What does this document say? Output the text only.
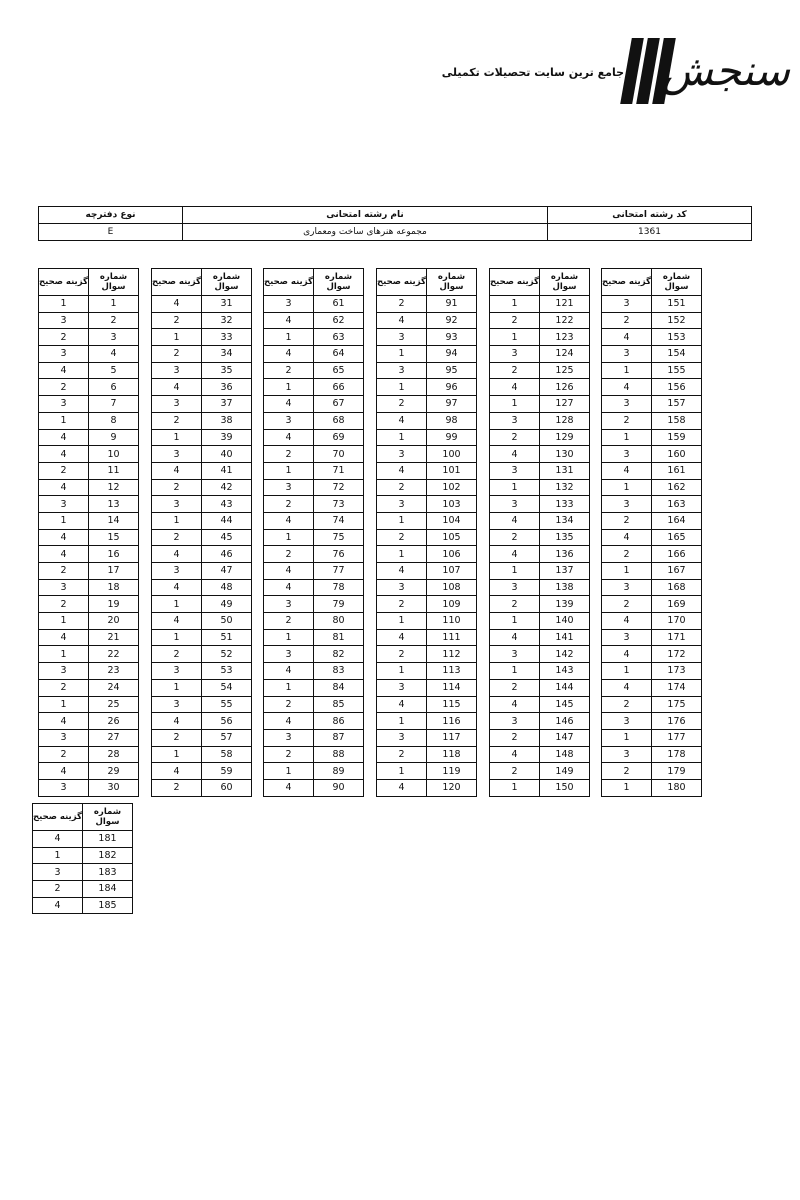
جامع ترین سایت تحصیلات تکمیلی سنجش
کد رشته امتحانی	نام رشته امتحانی	نوع دفترچه
1361	مجموعه هنرهای ساخت ومعماری	E
شماره سوال	گزینه صحیح
1	1
2	3
3	2
4	3
5	4
6	2
7	3
8	1
9	4
10	4
11	2
12	4
13	3
14	1
15	4
16	4
17	2
18	3
19	2
20	1
21	4
22	1
23	3
24	2
25	1
26	4
27	3
28	2
29	4
30	3
شماره سوال	گزینه صحیح
31	4
32	2
33	1
34	2
35	3
36	4
37	3
38	2
39	1
40	3
41	4
42	2
43	3
44	1
45	2
46	4
47	3
48	4
49	1
50	4
51	1
52	2
53	3
54	1
55	3
56	4
57	2
58	1
59	4
60	2
شماره سوال	گزینه صحیح
61	3
62	4
63	1
64	4
65	2
66	1
67	4
68	3
69	4
70	2
71	1
72	3
73	2
74	4
75	1
76	2
77	4
78	4
79	3
80	2
81	1
82	3
83	4
84	1
85	2
86	4
87	3
88	2
89	1
90	4
شماره سوال	گزینه صحیح
91	2
92	4
93	3
94	1
95	3
96	1
97	2
98	4
99	1
100	3
101	4
102	2
103	3
104	1
105	2
106	1
107	4
108	3
109	2
110	1
111	4
112	2
113	1
114	3
115	4
116	1
117	3
118	2
119	1
120	4
شماره سوال	گزینه صحیح
121	1
122	2
123	1
124	3
125	2
126	4
127	1
128	3
129	2
130	4
131	3
132	1
133	3
134	4
135	2
136	4
137	1
138	3
139	2
140	1
141	4
142	3
143	1
144	2
145	4
146	3
147	2
148	4
149	2
150	1
شماره سوال	گزینه صحیح
151	3
152	2
153	4
154	3
155	1
156	4
157	3
158	2
159	1
160	3
161	4
162	1
163	3
164	2
165	4
166	2
167	1
168	3
169	2
170	4
171	3
172	4
173	1
174	4
175	2
176	3
177	1
178	3
179	2
180	1
شماره سوال	گزینه صحیح
181	4
182	1
183	3
184	2
185	4
